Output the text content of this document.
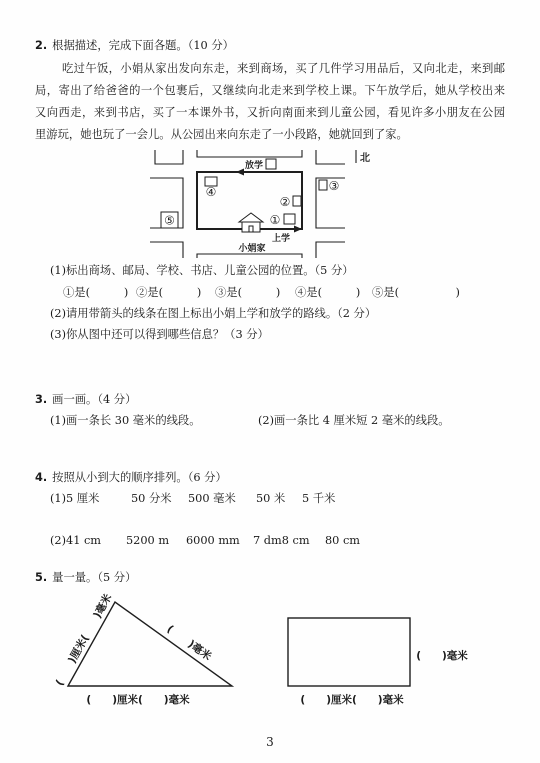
2. 根据描述，完成下面各题。（10 分）
吃过午饭，小娟从家出发向东走，来到商场，买了几件学习用品后，又向北走，来到邮
局，寄出了给爸爸的一个包裹后，又继续向北走来到学校上课。下午放学后，她从学校出来
又向西走，来到书店，买了一本课外书，又折向南面来到儿童公园，看见许多小朋友在公园
里游玩，她也玩了一会儿。从公园出来向东走了一小段路，她就回到了家。
北
放学
上学
④
②
③
①
⑤
小娟家
(1)标出商场、邮局、学校、书店、儿童公园的位置。（5 分）
①是(　　　) ②是(　　　) ③是(　　　) ④是(　　　) ⑤是(　　　　　)
(2)请用带箭头的线条在图上标出小娟上学和放学的路线。（2 分）
(3)你从图中还可以得到哪些信息？（3 分）
3. 画一画。（4 分）
(1)画一条长 30 毫米的线段。	(2)画一条比 4 厘米短 2 毫米的线段。
4. 按照从小到大的顺序排列。（6 分）
(1)5 厘米	50 分米 500 毫米 50 米 5 千米
(2)41 cm 5200 m 6000 mm 7 dm8 cm 80 cm
5. 量一量。（5 分）
(　　)厘米(　　)毫米	(　　)毫米
(　　)厘米(　　)毫米
(　　)毫米
(　　)厘米(　　)毫米
3
